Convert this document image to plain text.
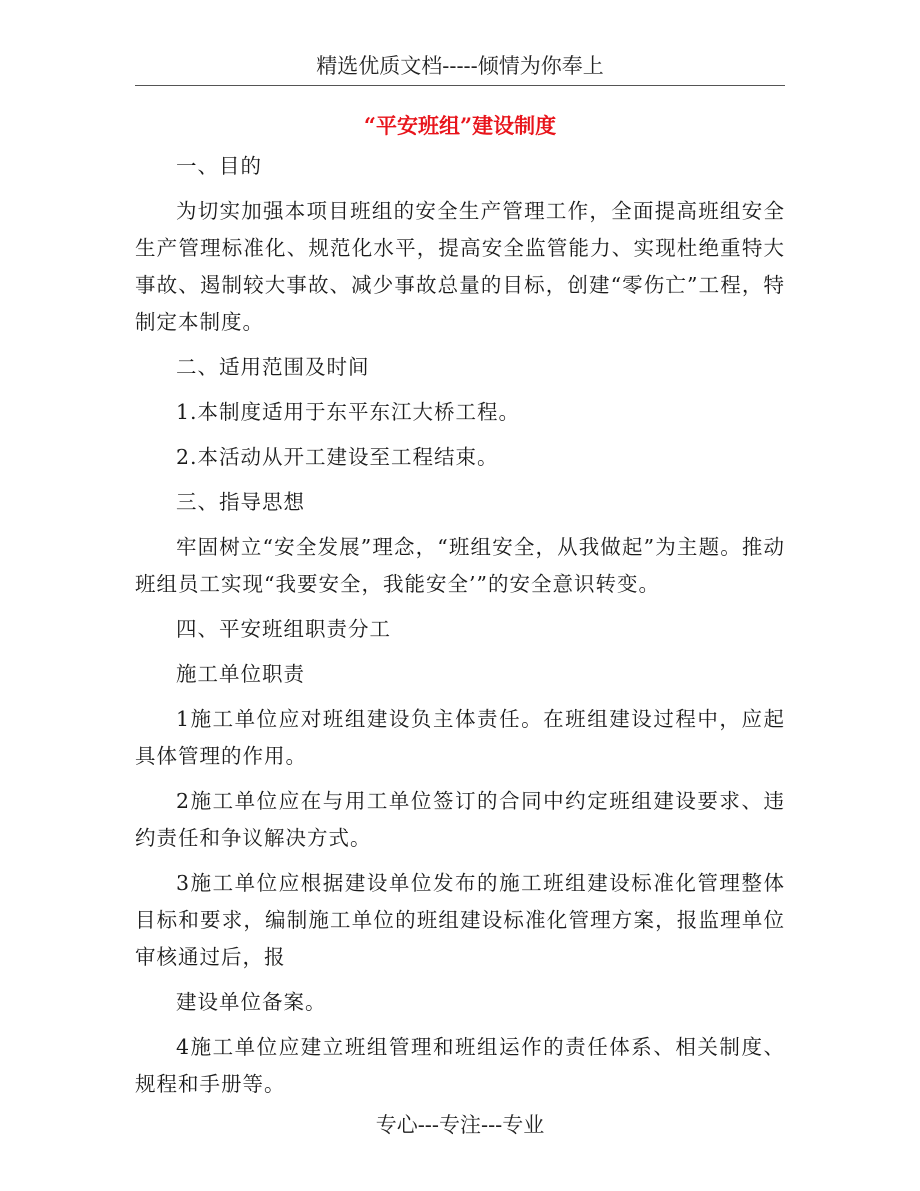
精选优质文档-----倾情为你奉上
“平安班组”建设制度

一、目的

为切实加强本项目班组的安全生产管理工作，全面提高班组安全生产管理标准化、规范化水平，提高安全监管能力、实现杜绝重特大事故、遏制较大事故、减少事故总量的目标，创建“零伤亡”工程，特制定本制度。

二、适用范围及时间

1.本制度适用于东平东江大桥工程。

2.本活动从开工建设至工程结束。

三、指导思想

牢固树立“安全发展”理念，“班组安全，从我做起”为主题。推动班组员工实现“我要安全，我能安全’”的安全意识转变。

四、平安班组职责分工

施工单位职责

1施工单位应对班组建设负主体责任。在班组建设过程中，应起具体管理的作用。

2施工单位应在与用工单位签订的合同中约定班组建设要求、违约责任和争议解决方式。

3施工单位应根据建设单位发布的施工班组建设标准化管理整体目标和要求，编制施工单位的班组建设标准化管理方案，报监理单位审核通过后，报

建设单位备案。

4施工单位应建立班组管理和班组运作的责任体系、相关制度、规程和手册等。

专心---专注---专业
